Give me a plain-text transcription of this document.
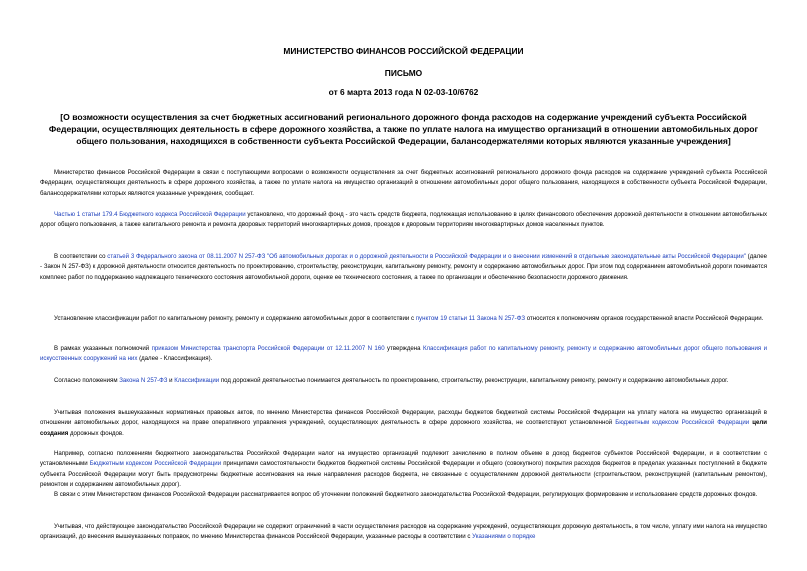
МИНИСТЕРСТВО ФИНАНСОВ РОССИЙСКОЙ ФЕДЕРАЦИИ
ПИСЬМО
от 6 марта 2013 года N 02-03-10/6762
[О возможности осуществления за счет бюджетных ассигнований регионального дорожного фонда расходов на содержание учреждений субъекта Российской Федерации, осуществляющих деятельность в сфере дорожного хозяйства, а также по уплате налога на имущество организаций в отношении автомобильных дорог общего пользования, находящихся в собственности субъекта Российской Федерации, балансодержателями которых являются указанные учреждения]

Министерство финансов Российской Федерации в связи с поступающими вопросами о возможности осуществления за счет бюджетных ассигнований регионального дорожного фонда расходов на содержание учреждений субъекта Российской Федерации, осуществляющих деятельность в сфере дорожного хозяйства, а также по уплате налога на имущество организаций в отношении автомобильных дорог общего пользования, находящихся в собственности субъекта Российской Федерации, балансодержателями которых являются указанные учреждения, сообщает.

Частью 1 статьи 179.4 Бюджетного кодекса Российской Федерации установлено, что дорожный фонд - это часть средств бюджета, подлежащая использованию в целях финансового обеспечения дорожной деятельности в отношении автомобильных дорог общего пользования, а также капитального ремонта и ремонта дворовых территорий многоквартирных домов, проездов к дворовым территориям многоквартирных домов населенных пунктов.

В соответствии со статьей 3 Федерального закона от 08.11.2007 N 257-ФЗ "Об автомобильных дорогах и о дорожной деятельности в Российской Федерации и о внесении изменений в отдельные законодательные акты Российской Федерации" (далее - Закон N 257-ФЗ) к дорожной деятельности относится деятельность по проектированию, строительству, реконструкции, капитальному ремонту, ремонту и содержанию автомобильных дорог. При этом под содержанием автомобильной дороги понимается комплекс работ по поддержанию надлежащего технического состояния автомобильной дороги, оценке ее технического состояния, а также по организации и обеспечению безопасности дорожного движения.

Установление классификации работ по капитальному ремонту, ремонту и содержанию автомобильных дорог в соответствии с пунктом 19 статьи 11 Закона N 257-ФЗ относится к полномочиям органов государственной власти Российской Федерации.

В рамках указанных полномочий приказом Министерства транспорта Российской Федерации от 12.11.2007 N 160 утверждена Классификация работ по капитальному ремонту, ремонту и содержанию автомобильных дорог общего пользования и искусственных сооружений на них (далее - Классификация).

Согласно положениям Закона N 257-ФЗ и Классификации под дорожной деятельностью понимается деятельность по проектированию, строительству, реконструкции, капитальному ремонту, ремонту и содержанию автомобильных дорог.

Учитывая положения вышеуказанных нормативных правовых актов, по мнению Министерства финансов Российской Федерации, расходы бюджетов бюджетной системы Российской Федерации на уплату налога на имущество организаций в отношении автомобильных дорог, находящихся на праве оперативного управления учреждений, осуществляющих деятельность в сфере дорожного хозяйства, не соответствуют установленной Бюджетным кодексом Российской Федерации цели создания дорожных фондов.

Например, согласно положениям бюджетного законодательства Российской Федерации налог на имущество организаций подлежит зачислению в полном объеме в доход бюджетов субъектов Российской Федерации, и в соответствии с установленными Бюджетным кодексом Российской Федерации принципами самостоятельности бюджетов бюджетной системы Российской Федерации и общего (совокупного) покрытия расходов бюджетов в пределах указанных поступлений в бюджете субъекта Российской Федерации могут быть предусмотрены бюджетные ассигнования на иные направления расходов бюджета, не связанные с осуществлением дорожной деятельности (строительством, реконструкцией (капитальным ремонтом), ремонтом и содержанием автомобильных дорог).

В связи с этим Министерством финансов Российской Федерации рассматривается вопрос об уточнении положений бюджетного законодательства Российской Федерации, регулирующих формирование и использование средств дорожных фондов.

Учитывая, что действующее законодательство Российской Федерации не содержит ограничений в части осуществления расходов на содержание учреждений, осуществляющих дорожную деятельность, в том числе, уплату ими налога на имущество организаций, до внесения вышеуказанных поправок, по мнению Министерства финансов Российской Федерации, указанные расходы в соответствии с Указаниями о порядке
